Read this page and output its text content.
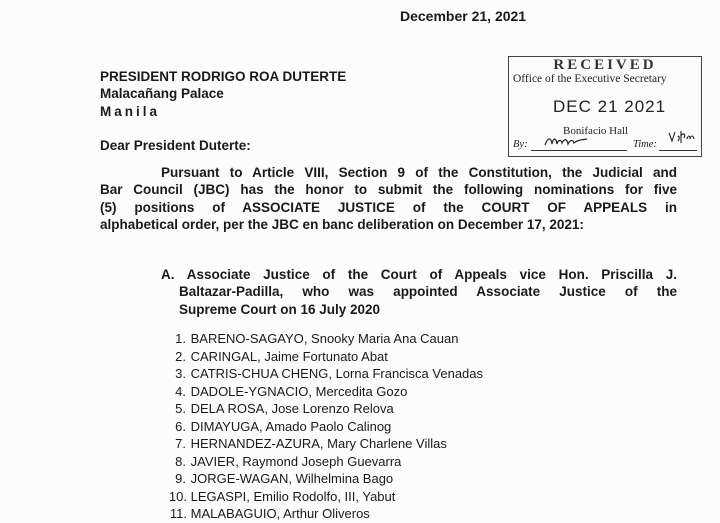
December 21, 2021
PRESIDENT RODRIGO ROA DUTERTE
Malacañang Palace
Manila
Dear President Duterte:
RECEIVED
Office of the Executive Secretary
DEC 21 2021
Bonifacio Hall
By:	Time:
Pursuant to Article VIII, Section 9 of the Constitution, the Judicial and
Bar Council (JBC) has the honor to submit the following nominations for five
(5) positions of ASSOCIATE JUSTICE of the COURT OF APPEALS in
alphabetical order, per the JBC en banc deliberation on December 17, 2021:
A. Associate Justice of the Court of Appeals vice Hon. Priscilla J.
Baltazar-Padilla, who was appointed Associate Justice of the
Supreme Court on 16 July 2020
1. BARENO-SAGAYO, Snooky Maria Ana Cauan
2. CARINGAL, Jaime Fortunato Abat
3. CATRIS-CHUA CHENG, Lorna Francisca Venadas
4. DADOLE-YGNACIO, Mercedita Gozo
5. DELA ROSA, Jose Lorenzo Relova
6. DIMAYUGA, Amado Paolo Calinog
7. HERNANDEZ-AZURA, Mary Charlene Villas
8. JAVIER, Raymond Joseph Guevarra
9. JORGE-WAGAN, Wilhelmina Bago
10. LEGASPI, Emilio Rodolfo, III, Yabut
11. MALABAGUIO, Arthur Oliveros
